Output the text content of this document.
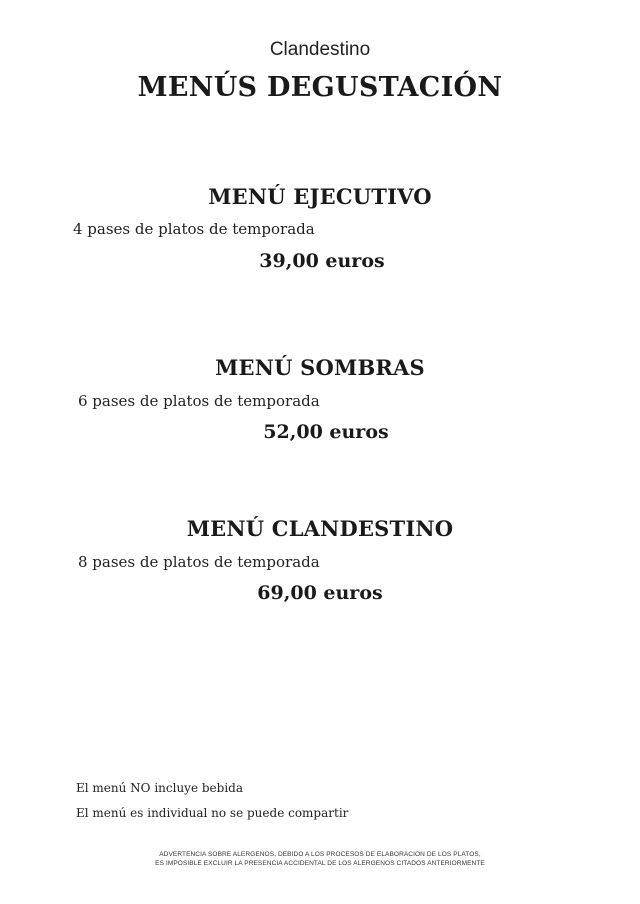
Clandestino
MENÚS DEGUSTACIÓN
MENÚ EJECUTIVO
4 pases de platos de temporada
39,00 euros
MENÚ SOMBRAS
6 pases de platos de temporada
52,00 euros
MENÚ CLANDESTINO
8 pases de platos de temporada
69,00 euros
El menú NO incluye bebida
El menú es individual no se puede compartir
ADVERTENCIA SOBRE ALERGENOS, DEBIDO A LOS PROCESOS DE ELABORACION DE LOS PLATOS,
ES IMPOSIBLE EXCLUIR LA PRESENCIA ACCIDENTAL DE LOS ALERGENOS CITADOS ANTERIORMENTE
